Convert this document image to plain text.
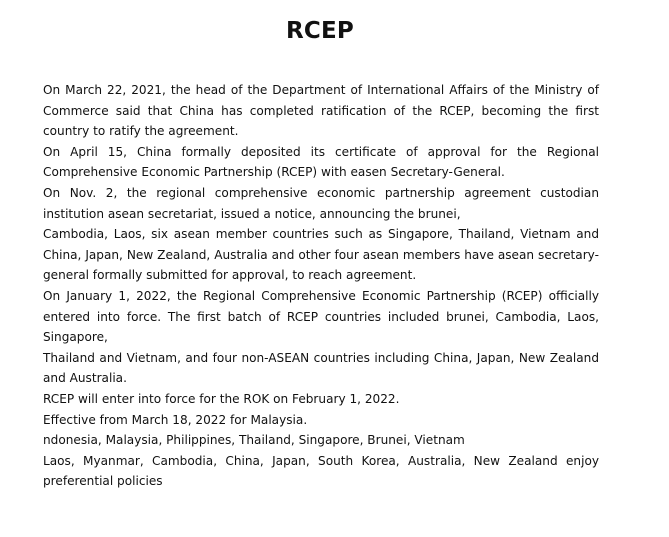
RCEP

On March 22, 2021, the head of the Department of International Affairs of the Ministry of Commerce said that China has completed ratification of the RCEP, becoming the first country to ratify the agreement.

On April 15, China formally deposited its certificate of approval for the Regional Comprehensive Economic Partnership (RCEP) with easen Secretary-General.

On Nov. 2, the regional comprehensive economic partnership agreement custodian institution asean secretariat, issued a notice, announcing the brunei,

Cambodia, Laos, six asean member countries such as Singapore, Thailand, Vietnam and China, Japan, New Zealand, Australia and other four asean members have asean secretary-general formally submitted for approval, to reach agreement.

On January 1, 2022, the Regional Comprehensive Economic Partnership (RCEP) officially entered into force. The first batch of RCEP countries included brunei, Cambodia, Laos, Singapore,

Thailand and Vietnam, and four non-ASEAN countries including China, Japan, New Zealand and Australia.

RCEP will enter into force for the ROK on February 1, 2022.

Effective from March 18, 2022 for Malaysia.

ndonesia, Malaysia, Philippines, Thailand, Singapore, Brunei, Vietnam

Laos, Myanmar, Cambodia, China, Japan, South Korea, Australia, New Zealand enjoy preferential policies
